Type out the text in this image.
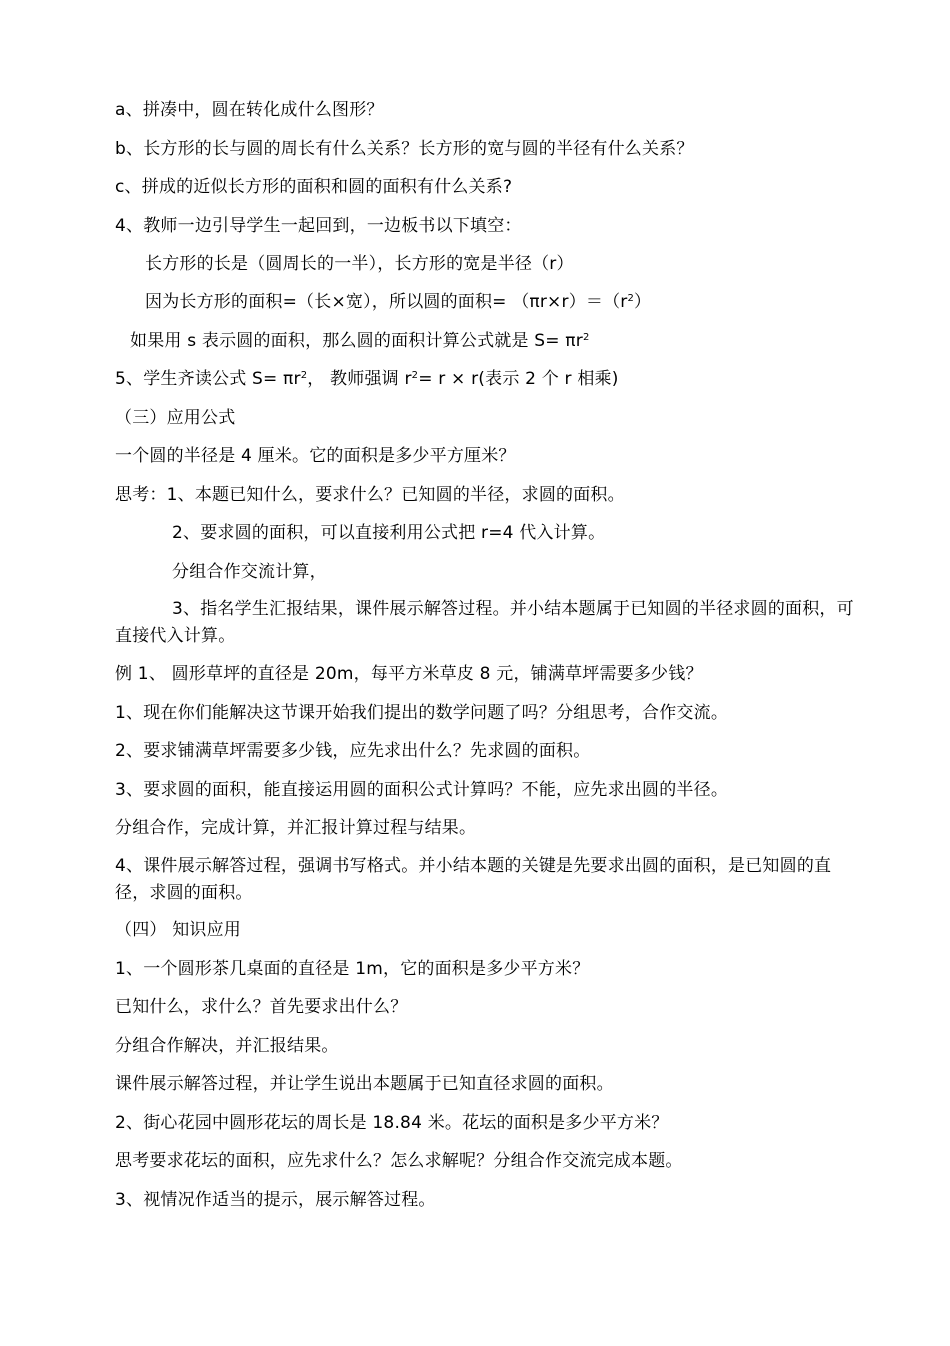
a、拼凑中，圆在转化成什么图形？
b、长方形的长与圆的周长有什么关系？长方形的宽与圆的半径有什么关系？
c、拼成的近似长方形的面积和圆的面积有什么关系?
4、教师一边引导学生一起回到，一边板书以下填空：
长方形的长是（圆周长的一半），长方形的宽是半径（r）
因为长方形的面积=（长×宽），所以圆的面积= $(\pi r\times r)=(r^2)$
如果用 s 表示圆的面积，那么圆的面积计算公式就是 $S= \pi r^2$
5、学生齐读公式 $S= \pi r^2$， 教师强调 $r^2= r \times r$(表示 2 个 r 相乘)
（三）应用公式
一个圆的半径是 4 厘米。它的面积是多少平方厘米？
思考：1、本题已知什么，要求什么？已知圆的半径，求圆的面积。
2、要求圆的面积，可以直接利用公式把 r=4 代入计算。
分组合作交流计算，
3、指名学生汇报结果，课件展示解答过程。并小结本题属于已知圆的半径求圆的面积，可直接代入计算。
例 1、 圆形草坪的直径是 20m，每平方米草皮 8 元，铺满草坪需要多少钱？
1、现在你们能解决这节课开始我们提出的数学问题了吗？分组思考，合作交流。
2、要求铺满草坪需要多少钱，应先求出什么？先求圆的面积。
3、要求圆的面积，能直接运用圆的面积公式计算吗？不能，应先求出圆的半径。
分组合作，完成计算，并汇报计算过程与结果。
4、课件展示解答过程，强调书写格式。并小结本题的关键是先要求出圆的面积，是已知圆的直径，求圆的面积。
（四） 知识应用
1、一个圆形茶几桌面的直径是 1m，它的面积是多少平方米？
已知什么，求什么？首先要求出什么？
分组合作解决，并汇报结果。
课件展示解答过程，并让学生说出本题属于已知直径求圆的面积。
2、街心花园中圆形花坛的周长是 18.84 米。花坛的面积是多少平方米？
思考要求花坛的面积，应先求什么？怎么求解呢？分组合作交流完成本题。
3、视情况作适当的提示，展示解答过程。
